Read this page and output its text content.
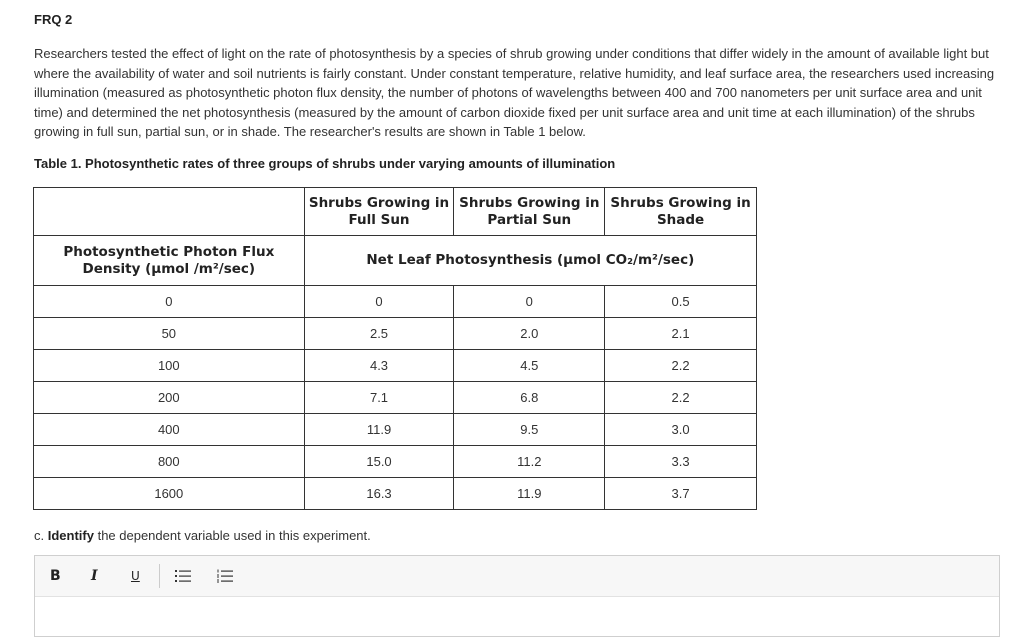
FRQ 2

Researchers tested the effect of light on the rate of photosynthesis by a species of shrub growing under conditions that differ widely in the amount of available light but where the availability of water and soil nutrients is fairly constant. Under constant temperature, relative humidity, and leaf surface area, the researchers used increasing illumination (measured as photosynthetic photon flux density, the number of photons of wavelengths between 400 and 700 nanometers per unit surface area and unit time) and determined the net photosynthesis (measured by the amount of carbon dioxide fixed per unit surface area and unit time at each illumination) of the shrubs growing in full sun, partial sun, or in shade. The researcher's results are shown in Table 1 below.

Table 1. Photosynthetic rates of three groups of shrubs under varying amounts of illumination
	Shrubs Growing in Full Sun	Shrubs Growing in Partial Sun	Shrubs Growing in Shade
Photosynthetic Photon Flux Density (µmol /m²/sec)	Net Leaf Photosynthesis (µmol CO₂/m²/sec)		
0	0	0	0.5
50	2.5	2.0	2.1
100	4.3	4.5	2.2
200	7.1	6.8	2.2
400	11.9	9.5	3.0
800	15.0	11.2	3.3
1600	16.3	11.9	3.7
c. Identify the dependent variable used in this experiment.
B I	U
